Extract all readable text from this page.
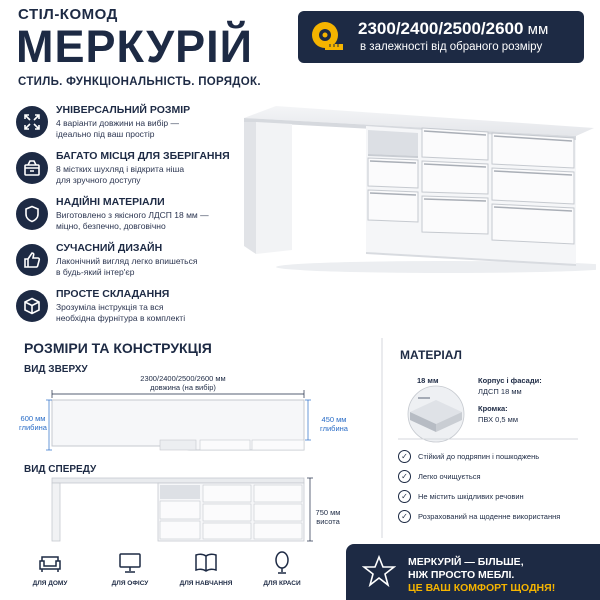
СТІЛ-КОМОД
МЕРКУРІЙ
СТИЛЬ. ФУНКЦІОНАЛЬНІСТЬ. ПОРЯДОК.
2300/2400/2500/2600 мм
в залежності від обраного розміру
УНІВЕРСАЛЬНИЙ РОЗМІР
4 варіанти довжини на вибір —
ідеально під ваш простір
БАГАТО МІСЦЯ ДЛЯ ЗБЕРІГАННЯ
8 містких шухляд і відкрита ніша
для зручного доступу
НАДІЙНІ МАТЕРІАЛИ
Виготовлено з якісного ЛДСП 18 мм —
міцно, безпечно, довговічно
СУЧАСНИЙ ДИЗАЙН
Лаконічний вигляд легко впишеться
в будь-який інтер'єр
ПРОСТЕ СКЛАДАННЯ
Зрозуміла інструкція та вся
необхідна фурнітура в комплекті
РОЗМІРИ ТА КОНСТРУКЦІЯ
ВИД ЗВЕРХУ
ВИД СПЕРЕДУ
2300/2400/2500/2600 мм
довжина (на вибір)
600 мм
глибина
450 мм
глибина
750 мм
висота
МАТЕРІАЛ
18 мм	Корпус і фасади:
ЛДСП 18 мм
Кромка:
ПВХ 0,5 мм
✓	Стійкий до подряпин і пошкоджень
✓	Легко очищується
✓	Не містить шкідливих речовин
✓	Розрахований на щоденне використання
ДЛЯ ДОМУ	ДЛЯ ОФІСУ	ДЛЯ НАВЧАННЯ	ДЛЯ КРАСИ
МЕРКУРІЙ — БІЛЬШЕ,
НІЖ ПРОСТО МЕБЛІ.
ЦЕ ВАШ КОМФОРТ ЩОДНЯ!
